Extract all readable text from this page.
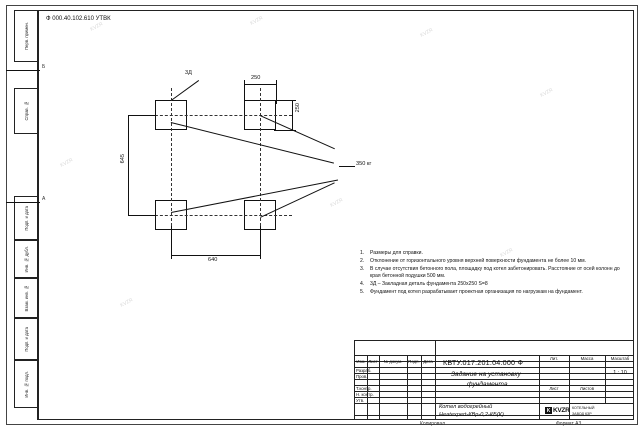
KVZR
KVZR
KVZR
KVZR
KVZR
KVZR
KVZR
KVZR
Перв. примен.
Справ. №
Подп. и дата
Инв. № дубл.
Взам. инв. №
Подп. и дата
Инв. № подл.
Б
А
Ф 000.40.102.610 УТВК
250
250
645
640
3Д
350 кг
1.	Размеры для справки.
2.	Отклонение от горизонтального уровня верхней поверхности фундамента не более 10 мм.
3.	В случае отсутствия бетонного пола, площадку под котел забетонировать. Расстояние от осей колонн до края бетонной подушки 500 мм.
4.	3Д – Закладная деталь фундамента 250х250 S=8
5.	Фундамент под котел разрабатывает проектная организация по нагрузкам на фундамент.
КВТУ.017.201.04.000 Ф
Изм. Лист	№ докум.	Подп. Дата
Разраб.
Пров.
Т.контр.
Н. контр.
Утв.
Лит.	Масса	Масштаб
1 : 10
Лист	Листов
Задание на установку
фундамента
Котел водогрейный
Heatexpert-КВр-0,2-КБ(К)
K KVZR КОТЕЛЬНЫЙ
ЗАВОД КЗР
Копировал	Формат А3
